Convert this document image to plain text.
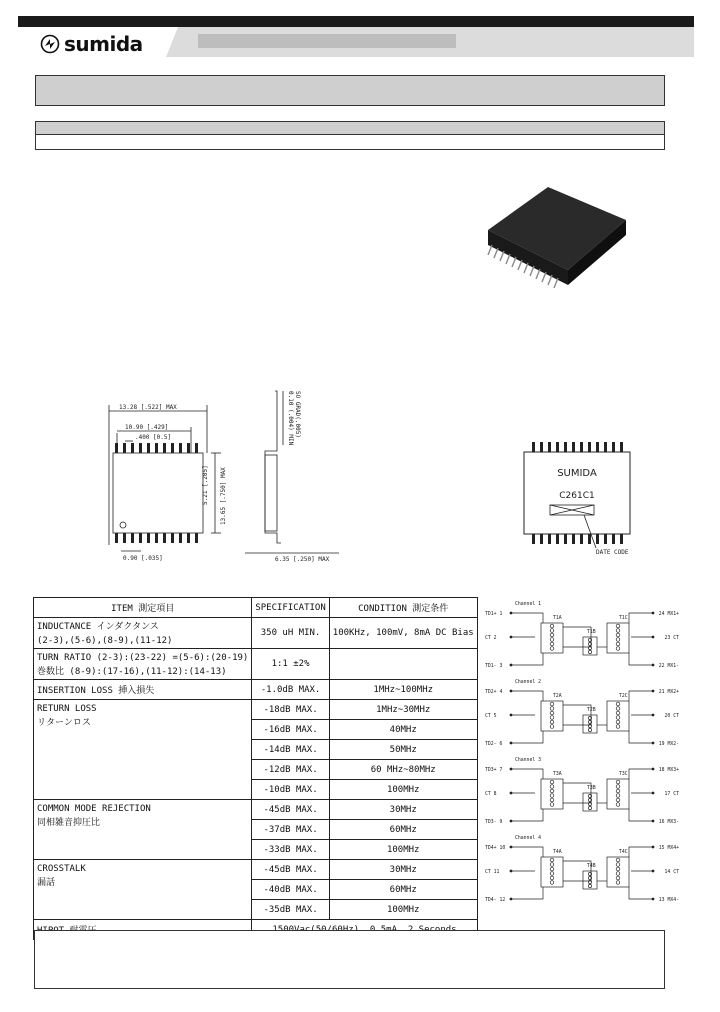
sumida
13.28 [.522] MAX
10.90 [.429]
.400 [0.5]
0.90 [.035]	6.35 [.250] MAX
5.21 [.205] 13.65 [.750] MAX
0.10 (.004) MIN SO GRAD(.005)
SUMIDA
C261C1
DATE CODE
ITEM 測定項目	SPECIFICATION	CONDITION 測定条件

INDUCTANCE インダクタンス
(2-3),(5-6),(8-9),(11-12)	350 uH MIN.	100KHz, 100mV, 8mA DC Bias

TURN RATIO (2-3):(23-22) =(5-6):(20-19)
巻数比 (8-9):(17-16),(11-12):(14-13)	1:1 ±2%	
INSERTION LOSS 挿入損失	-1.0dB MAX.	1MHz~100MHz

RETURN LOSS
リターンロス	-18dB MAX.	1MHz~30MHz
	-16dB MAX.	40MHz
	-14dB MAX.	50MHz
	-12dB MAX.	60 MHz~80MHz
	-10dB MAX.	100MHz

COMMON MODE REJECTION
同相雑音抑圧比	-45dB MAX.	30MHz
	-37dB MAX.	60MHz
	-33dB MAX.	100MHz

CROSSTALK
漏話	-45dB MAX.	30MHz
	-40dB MAX.	60MHz
	-35dB MAX.	100MHz

Channel 1
TD1+ 1
CT 2
TD1- 3
24 MX1+
23 CT
22 MX1-
T1A
T1B
T1C
Channel 2
TD2+ 4
CT 5
TD2- 6
21 MX2+
20 CT
19 MX2-
T2A
T2B
T2C
Channel 3
TD3+ 7
CT 8
TD3- 9
18 MX3+
17 CT
16 MX3-
T3A
T3B
T3C
Channel 4
TD4+ 10
CT 11
TD4- 12
15 MX4+
14 CT
13 MX4-
T4A
T4B
T4C
